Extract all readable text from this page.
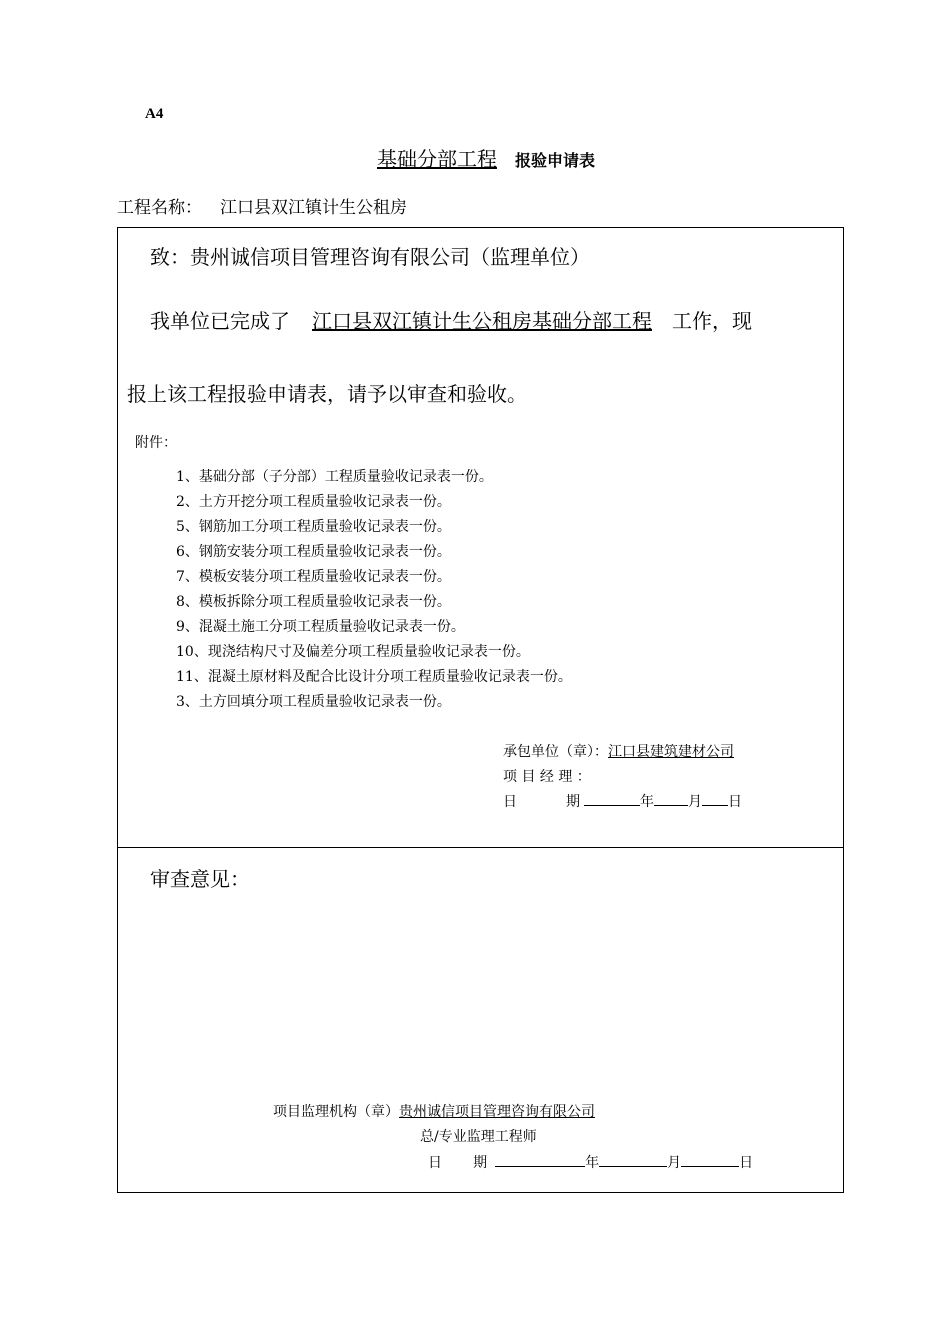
A4
基础分部工程 报验申请表
工程名称： 江口县双江镇计生公租房
致：贵州诚信项目管理咨询有限公司（监理单位）
我单位已完成了 江口县双江镇计生公租房基础分部工程 工作，现
报上该工程报验申请表，请予以审查和验收。
附件：
1、基础分部（子分部）工程质量验收记录表一份。
2、土方开挖分项工程质量验收记录表一份。
5、钢筋加工分项工程质量验收记录表一份。
6、钢筋安装分项工程质量验收记录表一份。
7、模板安装分项工程质量验收记录表一份。
8、模板拆除分项工程质量验收记录表一份。
9、混凝土施工分项工程质量验收记录表一份。
10、现浇结构尺寸及偏差分项工程质量验收记录表一份。
11、混凝土原材料及配合比设计分项工程质量验收记录表一份。
3、土方回填分项工程质量验收记录表一份。
承包单位（章）：江口县建筑建材公司
项 目 经 理 ：
日           期	年 月 日
审查意见：
项目监理机构（章）贵州诚信项目管理咨询有限公司
总/专业监理工程师
日       期	年	月	日
